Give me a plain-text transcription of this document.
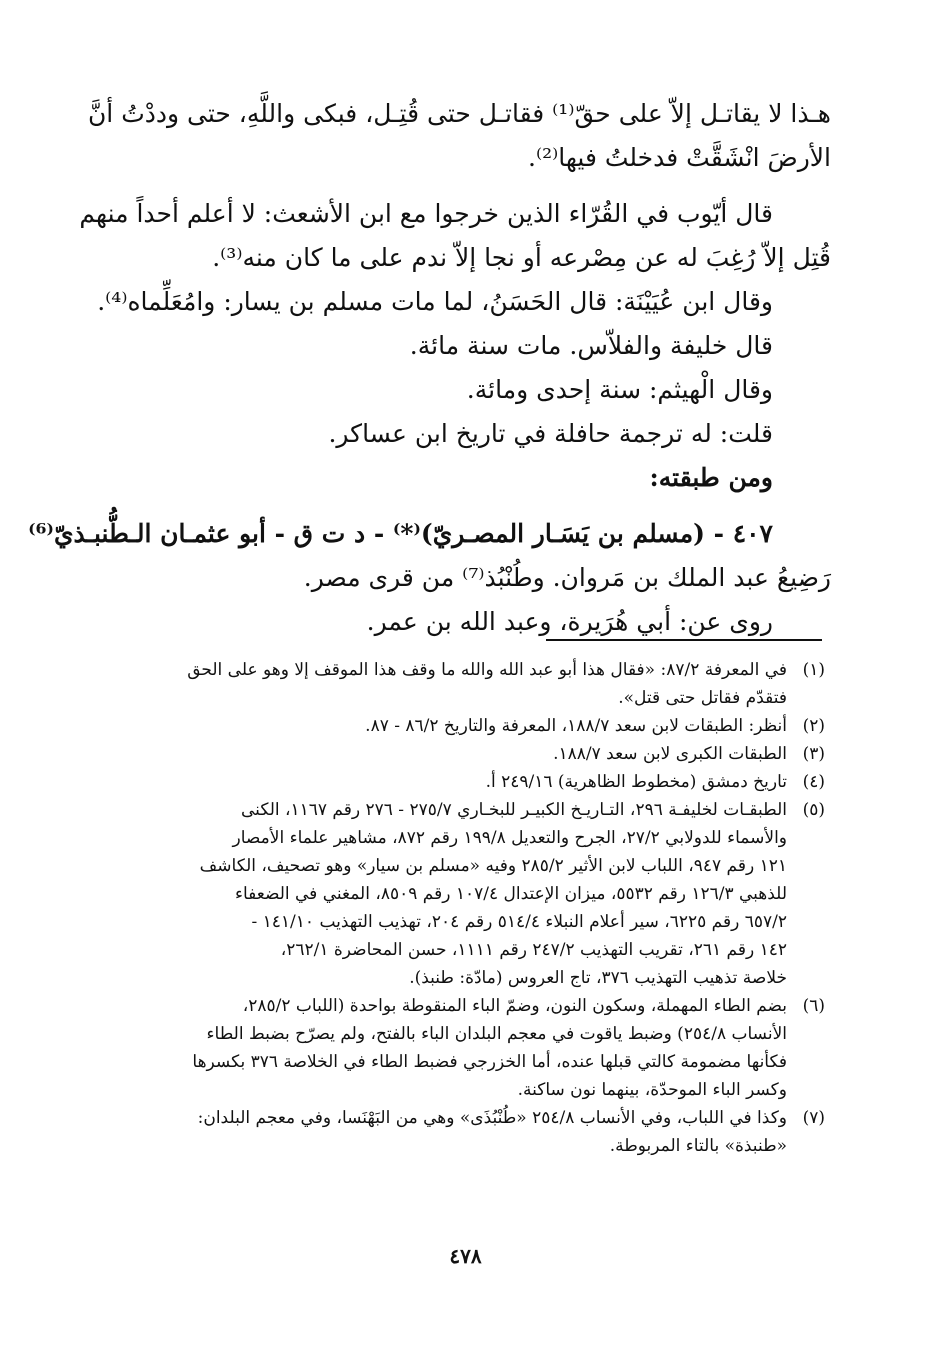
هـذا لا يقاتـل إلاّ على حقّ⁽¹⁾ فقاتـل حتى قُتِـل، فبكى واللَّهِ، حتى وددْتُ أنَّ
الأرضَ انْشَقَّتْ فدخلتُ فيها⁽²⁾.
قال أيّوب في القُرّاء الذين خرجوا مع ابن الأشعث: لا أعلم أحداً منهم
قُتِل إلاّ رُغِبَ له عن مِصْرعه أو نجا إلاّ ندم على ما كان منه⁽³⁾.
وقال ابن عُيَيْنَة: قال الحَسَنُ، لما مات مسلم بن يسار: وامُعَلِّماه⁽⁴⁾.
قال خليفة والفلاّس. مات سنة مائة.
وقال الْهيثم: سنة إحدى ومائة.
قلت: له ترجمة حافلة في تاريخ ابن عساكر.
ومن طبقته:
٤٠٧ - (مسلم بن يَسَـار المصـريّ)⁽*⁾ - د ت ق - أبو عثمـان الـطُّنبـذيّ⁽⁶⁾
رَضِيعُ عبد الملك بن مَروان. وطُنْبُذ⁽⁷⁾ من قرى مصر.
روى عن: أبي هُرَيرة، وعبد الله بن عمر.
(١)
في المعرفة ٨٧/٢: «فقال هذا أبو عبد الله والله ما وقف هذا الموقف إلا وهو على الحق
فتقدّم فقاتل حتى قتل».
(٢)
أنظر: الطبقات لابن سعد ١٨٨/٧، المعرفة والتاريخ ٨٦/٢ - ٨٧.
(٣)
الطبقات الكبرى لابن سعد ١٨٨/٧.
(٤)
تاريخ دمشق (مخطوط الظاهرية) ٢٤٩/١٦ أ.
(٥)
الطبقـات لخليفـة ٢٩٦، التـاريـخ الكبيـر للبخـاري ٢٧٥/٧ - ٢٧٦ رقم ١١٦٧، الكنى
والأسماء للدولابي ٢٧/٢، الجرح والتعديل ١٩٩/٨ رقم ٨٧٢، مشاهير علماء الأمصار
١٢١ رقم ٩٤٧، اللباب لابن الأثير ٢٨٥/٢ وفيه «مسلم بن سيار» وهو تصحيف، الكاشف
للذهبي ١٢٦/٣ رقم ٥٥٣٢، ميزان الإعتدال ١٠٧/٤ رقم ٨٥٠٩، المغني في الضعفاء
٦٥٧/٢ رقم ٦٢٢٥، سير أعلام النبلاء ٥١٤/٤ رقم ٢٠٤، تهذيب التهذيب ١٤١/١٠ -
١٤٢ رقم ٢٦١، تقريب التهذيب ٢٤٧/٢ رقم ١١١١، حسن المحاضرة ٢٦٢/١،
خلاصة تذهيب التهذيب ٣٧٦، تاج العروس (مادّة: طنبذ).
(٦)
بضم الطاء المهملة، وسكون النون، وضمّ الباء المنقوطة بواحدة (اللباب ٢٨٥/٢،
الأنساب ٢٥٤/٨) وضبط ياقوت في معجم البلدان الباء بالفتح، ولم يصرّح بضبط الطاء
فكأنها مضمومة كالتي قبلها عنده، أما الخزرجي فضبط الطاء في الخلاصة ٣٧٦ بكسرها
وكسر الباء الموحدّة، بينهما نون ساكنة.
(٧)
وكذا في اللباب، وفي الأنساب ٢٥٤/٨ «طُنْبُذَى» وهي من البَهْنَسا، وفي معجم البلدان:
«طنبذة» بالتاء المربوطة.
٤٧٨
